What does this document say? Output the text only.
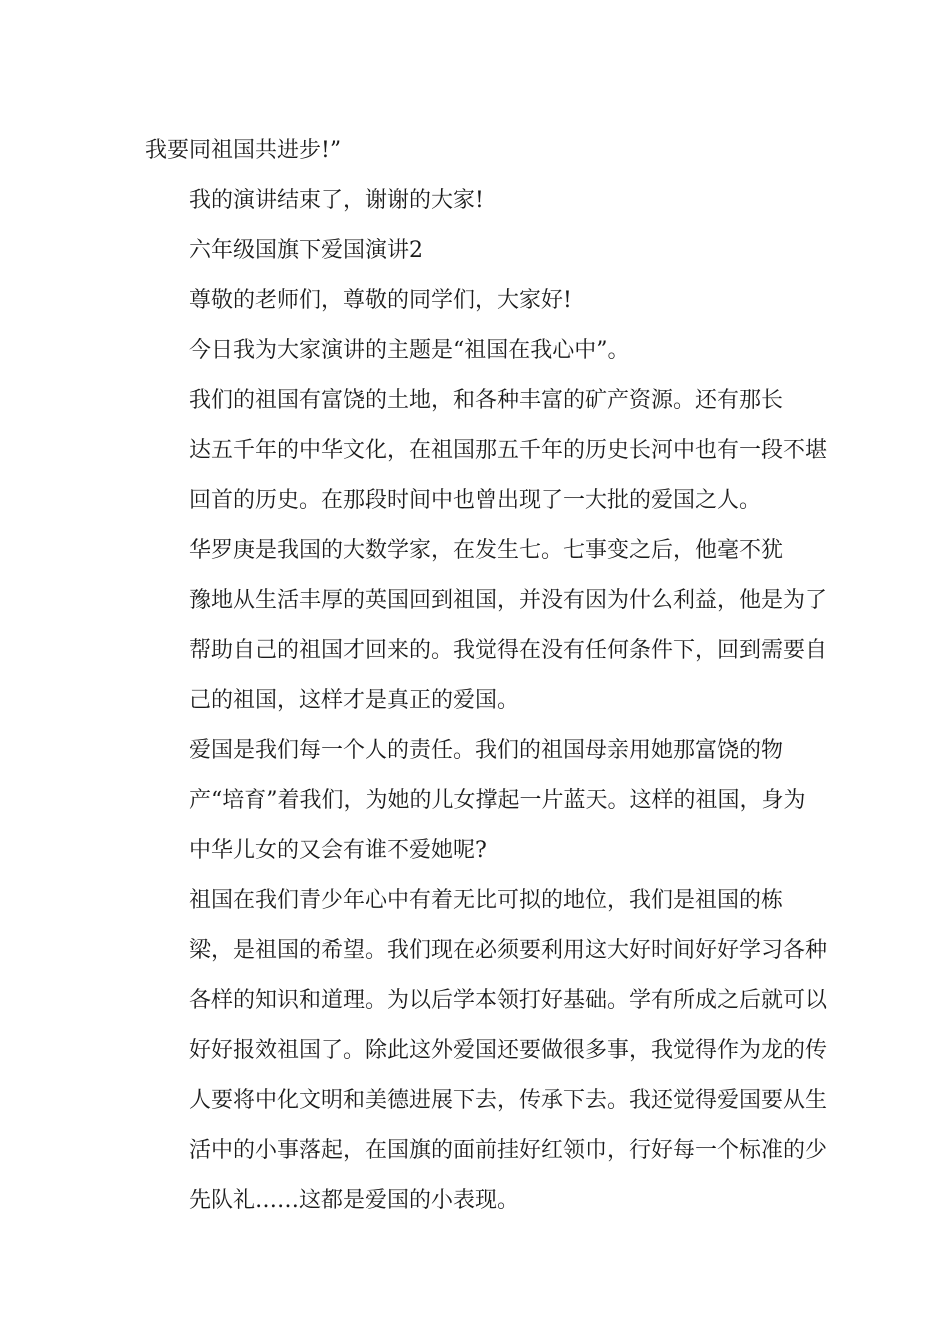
我要同祖国共进步!”

我的演讲结束了，谢谢的大家!

六年级国旗下爱国演讲2

尊敬的老师们，尊敬的同学们，大家好!

今日我为大家演讲的主题是“祖国在我心中”。

我们的祖国有富饶的土地，和各种丰富的矿产资源。还有那长
达五千年的中华文化，在祖国那五千年的历史长河中也有一段不堪
回首的历史。在那段时间中也曾出现了一大批的爱国之人。

华罗庚是我国的大数学家，在发生七。七事变之后，他毫不犹
豫地从生活丰厚的英国回到祖国，并没有因为什么利益，他是为了
帮助自己的祖国才回来的。我觉得在没有任何条件下，回到需要自
己的祖国，这样才是真正的爱国。

爱国是我们每一个人的责任。我们的祖国母亲用她那富饶的物
产“培育”着我们，为她的儿女撑起一片蓝天。这样的祖国，身为
中华儿女的又会有谁不爱她呢?

祖国在我们青少年心中有着无比可拟的地位，我们是祖国的栋
梁，是祖国的希望。我们现在必须要利用这大好时间好好学习各种
各样的知识和道理。为以后学本领打好基础。学有所成之后就可以
好好报效祖国了。除此这外爱国还要做很多事，我觉得作为龙的传
人要将中化文明和美德进展下去，传承下去。我还觉得爱国要从生
活中的小事落起，在国旗的面前挂好红领巾，行好每一个标准的少
先队礼……这都是爱国的小表现。
